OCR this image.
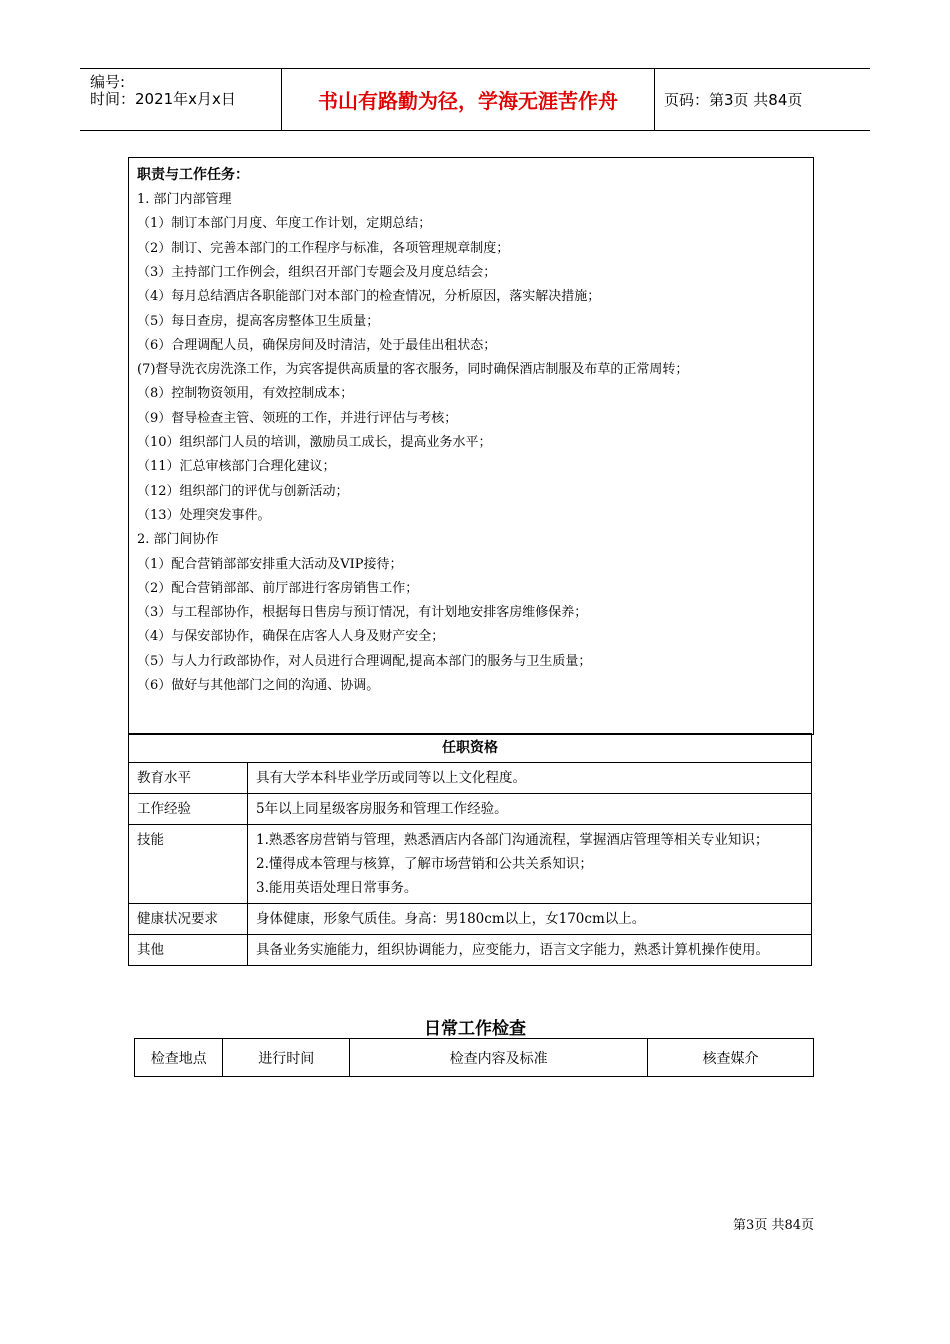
编号:
时间：2021年x月x日	书山有路勤为径，学海无涯苦作舟	页码：第3页 共84页
职责与工作任务：
1. 部门内部管理
（1）制订本部门月度、年度工作计划，定期总结；
（2）制订、完善本部门的工作程序与标准，各项管理规章制度；
（3）主持部门工作例会，组织召开部门专题会及月度总结会；
（4）每月总结酒店各职能部门对本部门的检查情况，分析原因，落实解决措施；
（5）每日查房，提高客房整体卫生质量；
（6）合理调配人员，确保房间及时清洁，处于最佳出租状态；
(7)督导洗衣房洗涤工作，为宾客提供高质量的客衣服务，同时确保酒店制服及布草的正常周转；
（8）控制物资领用，有效控制成本；
（9）督导检查主管、领班的工作，并进行评估与考核；
（10）组织部门人员的培训，激励员工成长，提高业务水平；
（11）汇总审核部门合理化建议；
（12）组织部门的评优与创新活动；
（13）处理突发事件。
2. 部门间协作
（1）配合营销部部安排重大活动及VIP接待；
（2）配合营销部部、前厅部进行客房销售工作；
（3）与工程部协作，根据每日售房与预订情况，有计划地安排客房维修保养；
（4）与保安部协作，确保在店客人人身及财产安全；
（5）与人力行政部协作，对人员进行合理调配,提高本部门的服务与卫生质量；
（6）做好与其他部门之间的沟通、协调。
任职资格	
教育水平	具有大学本科毕业学历或同等以上文化程度。

工作经验	5年以上同星级客房服务和管理工作经验。

技能	1.熟悉客房营销与管理，熟悉酒店内各部门沟通流程，掌握酒店管理等相关专业知识；
2.懂得成本管理与核算，了解市场营销和公共关系知识；
3.能用英语处理日常事务。

健康状况要求	身体健康，形象气质佳。身高：男180cm以上，女170cm以上。

其他	具备业务实施能力，组织协调能力，应变能力，语言文字能力，熟悉计算机操作使用。
日常工作检查
检查地点	进行时间	检查内容及标准	核查媒介
第3页 共84页
